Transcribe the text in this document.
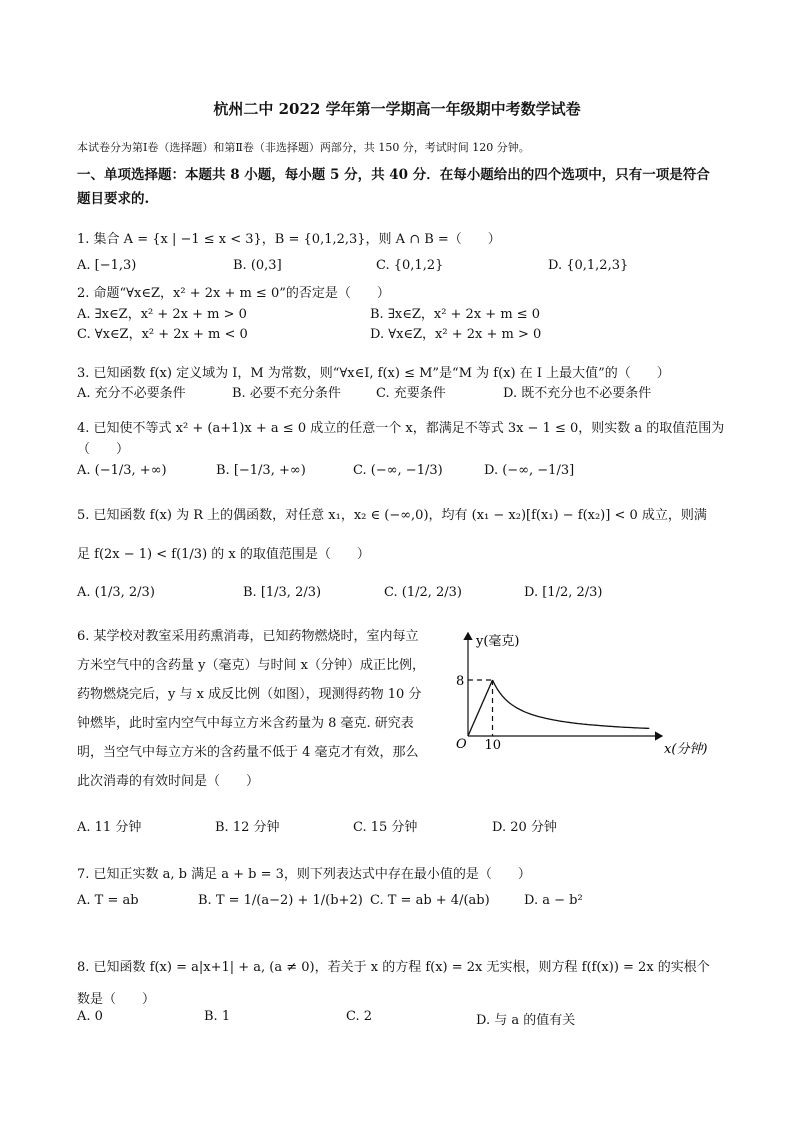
杭州二中 2022 学年第一学期高一年级期中考数学试卷
本试卷分为第Ⅰ卷（选择题）和第Ⅱ卷（非选择题）两部分，共 150 分，考试时间 120 分钟。
一、单项选择题：本题共 8 小题，每小题 5 分，共 40 分．在每小题给出的四个选项中，只有一项是符合
题目要求的.
1. 集合 A = {x | −1 ≤ x < 3}，B = {0,1,2,3}，则 A ∩ B =（　　）
A. [−1,3)	B. (0,3]	C. {0,1,2}	D. {0,1,2,3}
2. 命题“∀x∈Z，x² + 2x + m ≤ 0”的否定是（　　）
A. ∃x∈Z，x² + 2x + m > 0	B. ∃x∈Z，x² + 2x + m ≤ 0
C. ∀x∈Z，x² + 2x + m < 0	D. ∀x∈Z，x² + 2x + m > 0
3. 已知函数 f(x) 定义域为 I，M 为常数，则“∀x∈I, f(x) ≤ M”是“M 为 f(x) 在 I 上最大值”的（　　）
A. 充分不必要条件	B. 必要不充分条件	C. 充要条件	D. 既不充分也不必要条件
4. 已知使不等式 x² + (a+1)x + a ≤ 0 成立的任意一个 x，都满足不等式 3x − 1 ≤ 0，则实数 a 的取值范围为
（　　）
A. (−1/3, +∞)	B. [−1/3, +∞)	C. (−∞, −1/3)	D. (−∞, −1/3]
5. 已知函数 f(x) 为 R 上的偶函数，对任意 x₁，x₂ ∈ (−∞,0)，均有 (x₁ − x₂)[f(x₁) − f(x₂)] < 0 成立，则满
足 f(2x − 1) < f(1/3) 的 x 的取值范围是（　　）
A. (1/3, 2/3)	B. [1/3, 2/3)	C. (1/2, 2/3)	D. [1/2, 2/3)
6. 某学校对教室采用药熏消毒，已知药物燃烧时，室内每立
方米空气中的含药量 y（毫克）与时间 x（分钟）成正比例，
药物燃烧完后，y 与 x 成反比例（如图），现测得药物 10 分
钟燃毕，此时室内空气中每立方米含药量为 8 毫克. 研究表
明，当空气中每立方米的含药量不低于 4 毫克才有效，那么
此次消毒的有效时间是（　　）
y(毫克)
x(分钟)
O
8
10
A. 11 分钟	B. 12 分钟	C. 15 分钟	D. 20 分钟
7. 已知正实数 a, b 满足 a + b = 3，则下列表达式中存在最小值的是（　　）
A. T = ab	B. T = 1/(a−2) + 1/(b+2) C. T = ab + 4/(ab)	D. a − b²
8. 已知函数 f(x) = a|x+1| + a, (a ≠ 0)，若关于 x 的方程 f(x) = 2x 无实根，则方程 f(f(x)) = 2x 的实根个
数是（　　）
A. 0	B. 1	C. 2	D. 与 a 的值有关
